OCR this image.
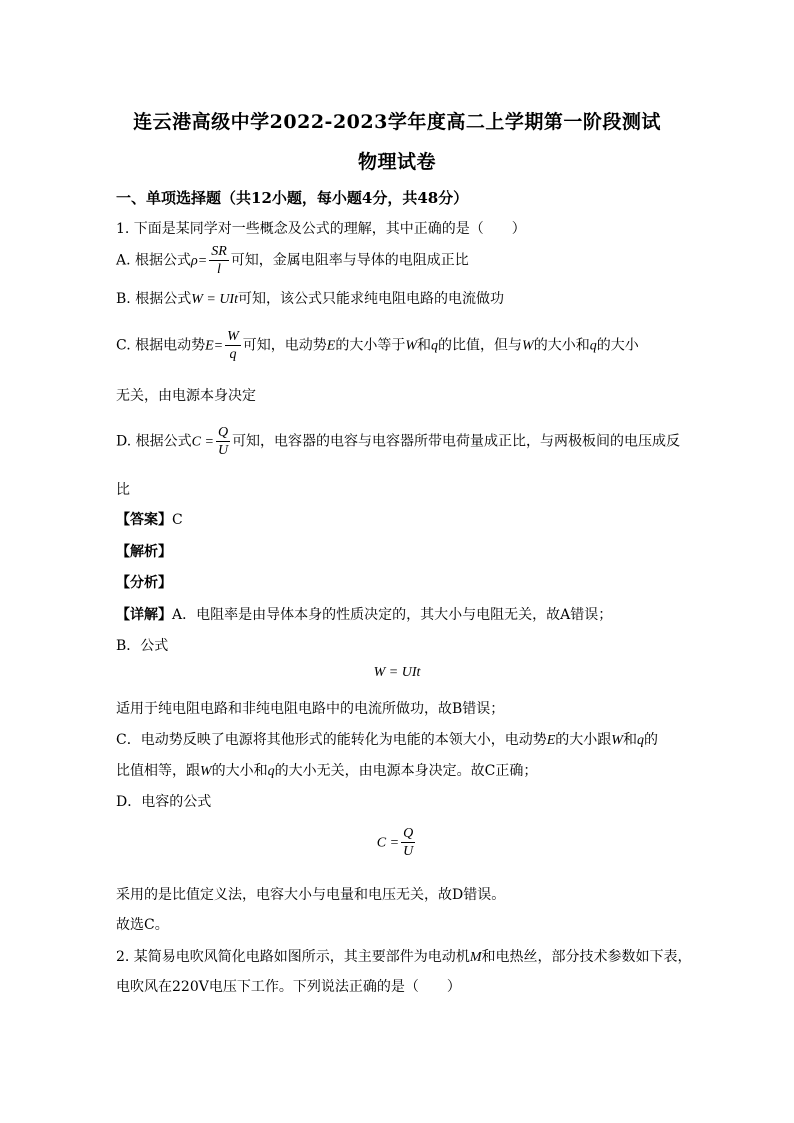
连云港高级中学2022-2023学年度高二上学期第一阶段测试
物理试卷
一、单项选择题（共12小题，每小题4分，共48分）
1. 下面是某同学对一些概念及公式的理解，其中正确的是（　　）
A. 根据公式$\rho= \frac{SR}{l}$ 可知，金属电阻率与导体的电阻成正比
B. 根据公式W = UIt可知，该公式只能求纯电阻电路的电流做功
C. 根据电动势$E= \frac{W}{q}$ 可知，电动势E的大小等于W和q的比值，但与W的大小和q的大小
无关，由电源本身决定
D. 根据公式$C = \frac{Q}{U}$ 可知，电容器的电容与电容器所带电荷量成正比，与两极板间的电压成反
比
【答案】C
【解析】
【分析】
【详解】A．电阻率是由导体本身的性质决定的，其大小与电阻无关，故A错误；
B．公式
W = UIt
适用于纯电阻电路和非纯电阻电路中的电流所做功，故B错误；
C．电动势反映了电源将其他形式的能转化为电能的本领大小，电动势E的大小跟W和q的
比值相等，跟W的大小和q的大小无关，由电源本身决定。故C正确；
D．电容的公式
$C = \frac{Q}{U}$
采用的是比值定义法，电容大小与电量和电压无关，故D错误。
故选C。
2. 某简易电吹风简化电路如图所示，其主要部件为电动机M和电热丝，部分技术参数如下表，
电吹风在220V电压下工作。下列说法正确的是（　　）
